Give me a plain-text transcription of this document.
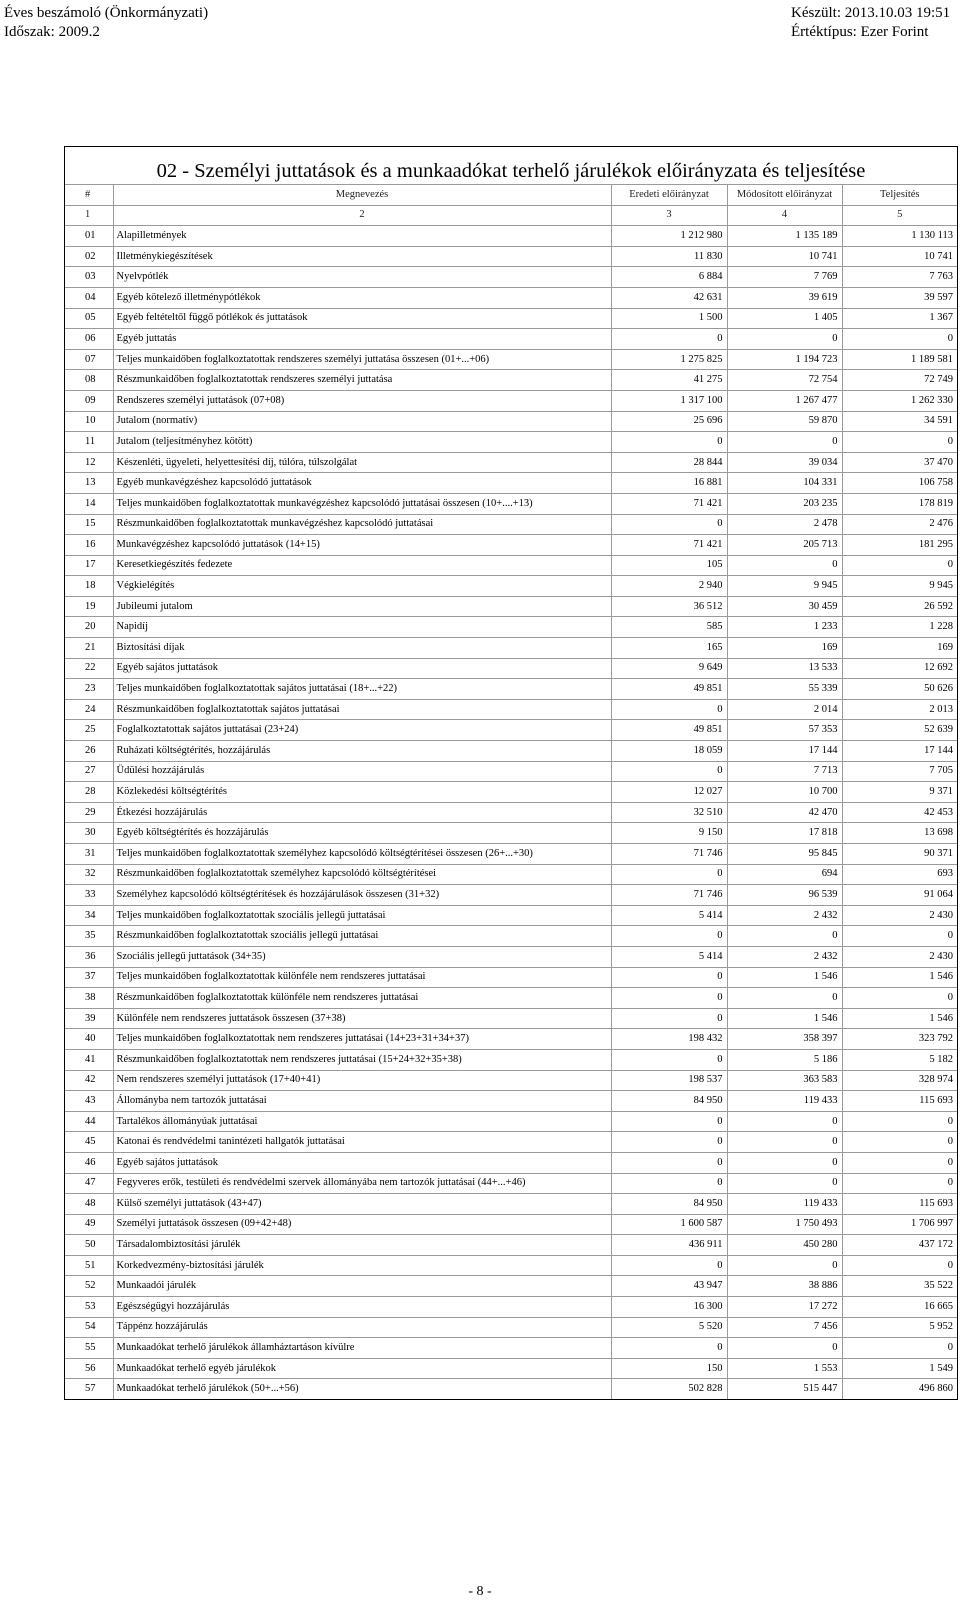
Éves beszámoló (Önkormányzati)
Időszak: 2009.2
Készült: 2013.10.03 19:51
Értéktípus: Ezer Forint
02 - Személyi juttatások és a munkaadókat terhelő járulékok előirányzata és teljesítése
#	Megnevezés	Eredeti előirányzat	Módosított előirányzat	Teljesítés
1	2	3	4	5
01	Alapilletmények	1 212 980	1 135 189	1 130 113
02	Illetménykiegészítések	11 830	10 741	10 741
03	Nyelvpótlék	6 884	7 769	7 763
04	Egyéb kötelező illetménypótlékok	42 631	39 619	39 597
05	Egyéb feltételtől függő pótlékok és juttatások	1 500	1 405	1 367
06	Egyéb juttatás	0	0	0
07	Teljes munkaidőben foglalkoztatottak rendszeres személyi juttatása összesen (01+...+06)	1 275 825	1 194 723	1 189 581
08	Részmunkaidőben foglalkoztatottak rendszeres személyi juttatása	41 275	72 754	72 749
09	Rendszeres személyi juttatások (07+08)	1 317 100	1 267 477	1 262 330
10	Jutalom (normatív)	25 696	59 870	34 591
11	Jutalom (teljesítményhez kötött)	0	0	0
12	Készenléti, ügyeleti, helyettesítési díj, túlóra, túlszolgálat	28 844	39 034	37 470
13	Egyéb munkavégzéshez kapcsolódó juttatások	16 881	104 331	106 758
14	Teljes munkaidőben foglalkoztatottak munkavégzéshez kapcsolódó juttatásai összesen (10+....+13)	71 421	203 235	178 819
15	Részmunkaidőben foglalkoztatottak munkavégzéshez kapcsolódó juttatásai	0	2 478	2 476
16	Munkavégzéshez kapcsolódó juttatások (14+15)	71 421	205 713	181 295
17	Keresetkiegészítés fedezete	105	0	0
18	Végkielégítés	2 940	9 945	9 945
19	Jubileumi jutalom	36 512	30 459	26 592
20	Napidíj	585	1 233	1 228
21	Biztosítási díjak	165	169	169
22	Egyéb sajátos juttatások	9 649	13 533	12 692
23	Teljes munkaidőben foglalkoztatottak sajátos juttatásai (18+...+22)	49 851	55 339	50 626
24	Részmunkaidőben foglalkoztatottak sajátos juttatásai	0	2 014	2 013
25	Foglalkoztatottak sajátos juttatásai (23+24)	49 851	57 353	52 639
26	Ruházati költségtérítés, hozzájárulás	18 059	17 144	17 144
27	Üdülési hozzájárulás	0	7 713	7 705
28	Közlekedési költségtérítés	12 027	10 700	9 371
29	Étkezési hozzájárulás	32 510	42 470	42 453
30	Egyéb költségtérítés és hozzájárulás	9 150	17 818	13 698
31	Teljes munkaidőben foglalkoztatottak személyhez kapcsolódó költségtérítései összesen (26+...+30)	71 746	95 845	90 371
32	Részmunkaidőben foglalkoztatottak személyhez kapcsolódó költségtérítései	0	694	693
33	Személyhez kapcsolódó költségtérítések és hozzájárulások összesen (31+32)	71 746	96 539	91 064
34	Teljes munkaidőben foglalkoztatottak szociális jellegű juttatásai	5 414	2 432	2 430
35	Részmunkaidőben foglalkoztatottak szociális jellegű juttatásai	0	0	0
36	Szociális jellegű juttatások (34+35)	5 414	2 432	2 430
37	Teljes munkaidőben foglalkoztatottak különféle nem rendszeres juttatásai	0	1 546	1 546
38	Részmunkaidőben foglalkoztatottak különféle nem rendszeres juttatásai	0	0	0
39	Különféle nem rendszeres juttatások összesen (37+38)	0	1 546	1 546
40	Teljes munkaidőben foglalkoztatottak nem rendszeres juttatásai (14+23+31+34+37)	198 432	358 397	323 792
41	Részmunkaidőben foglalkoztatottak nem rendszeres juttatásai (15+24+32+35+38)	0	5 186	5 182
42	Nem rendszeres személyi juttatások (17+40+41)	198 537	363 583	328 974
43	Állományba nem tartozók juttatásai	84 950	119 433	115 693
44	Tartalékos állományúak juttatásai	0	0	0
45	Katonai és rendvédelmi tanintézeti hallgatók juttatásai	0	0	0
46	Egyéb sajátos juttatások	0	0	0
47	Fegyveres erők, testületi és rendvédelmi szervek állományába nem tartozók juttatásai (44+...+46)	0	0	0
48	Külső személyi juttatások (43+47)	84 950	119 433	115 693
49	Személyi juttatások összesen (09+42+48)	1 600 587	1 750 493	1 706 997
50	Társadalombiztosítási járulék	436 911	450 280	437 172
51	Korkedvezmény-biztosítási járulék	0	0	0
52	Munkaadói járulék	43 947	38 886	35 522
53	Egészségügyi hozzájárulás	16 300	17 272	16 665
54	Táppénz hozzájárulás	5 520	7 456	5 952
55	Munkaadókat terhelő járulékok államháztartáson kívülre	0	0	0
56	Munkaadókat terhelő egyéb járulékok	150	1 553	1 549
57	Munkaadókat terhelő járulékok (50+...+56)	502 828	515 447	496 860
- 8 -
